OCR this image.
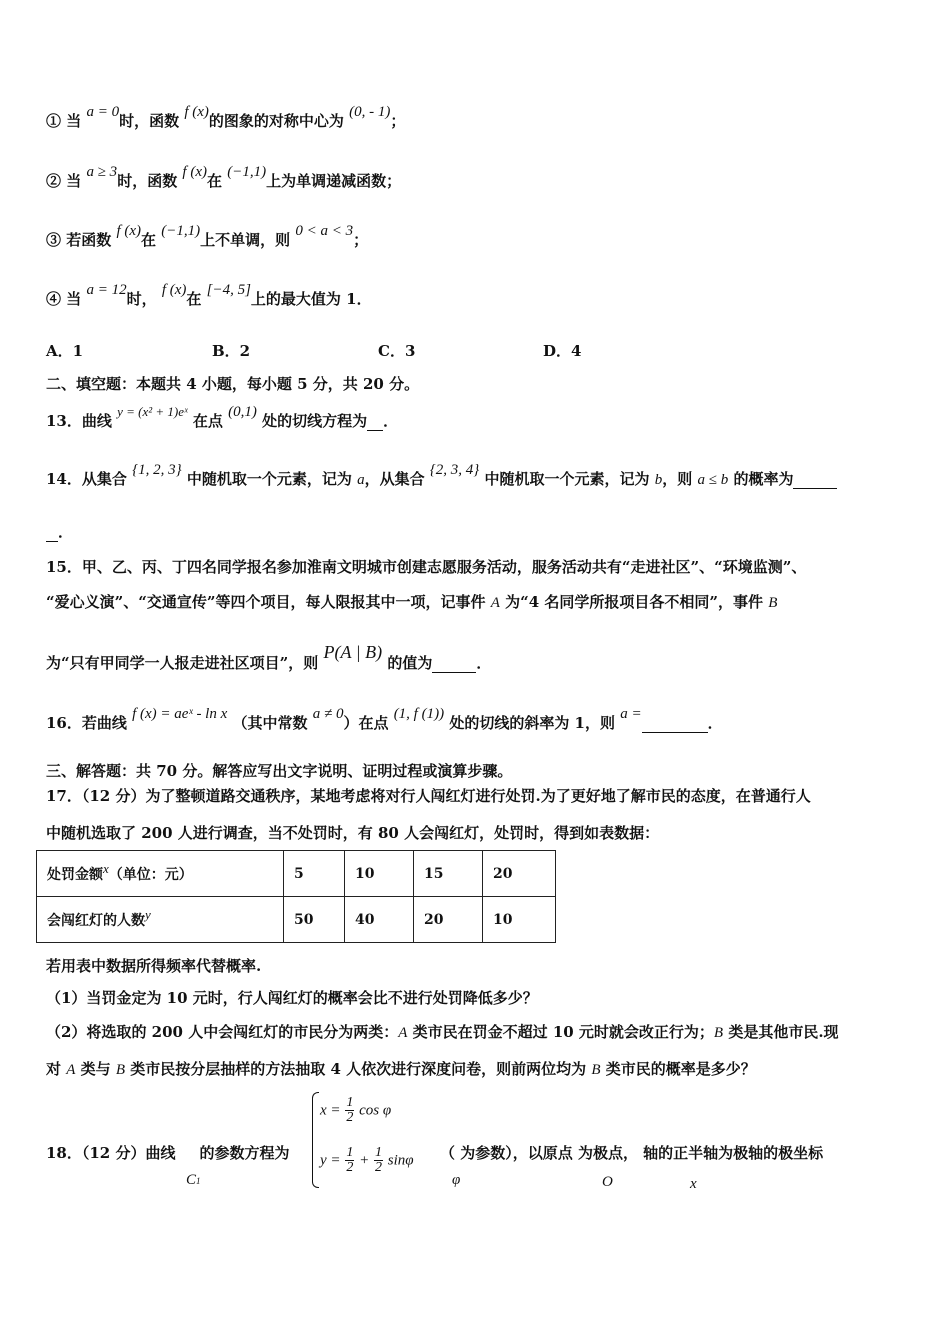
① 当 a = 0时，函数 f (x)的图象的对称中心为 (0, - 1)；
② 当 a ≥ 3时，函数 f (x)在 (−1,1)上为单调递减函数；
③ 若函数 f (x)在 (−1,1)上不单调，则 0 < a < 3；
④ 当 a = 12时， f (x)在 [−4, 5]上的最大值为 1．
A．1	B．2	C．3	D．4
二、填空题：本题共 4 小题，每小题 5 分，共 20 分。
13．曲线 y = (x² + 1)eˣ 在点 (0,1) 处的切线方程为 ．
14．从集合 {1, 2, 3} 中随机取一个元素，记为 a，从集合 {2, 3, 4} 中随机取一个元素，记为 b，则 a ≤ b 的概率为
．
15．甲、乙、丙、丁四名同学报名参加淮南文明城市创建志愿服务活动，服务活动共有“走进社区”、“环境监测”、
“爱心义演”、“交通宣传”等四个项目，每人限报其中一项，记事件 A 为“4 名同学所报项目各不相同”，事件 B
为“只有甲同学一人报走进社区项目”，则 P(A | B) 的值为	．
16．若曲线 f (x) = aeˣ - ln x （其中常数 a ≠ 0）在点 (1, f (1)) 处的切线的斜率为 1，则 a =	．
三、解答题：共 70 分。解答应写出文字说明、证明过程或演算步骤。
17．（12 分）为了整顿道路交通秩序，某地考虑将对行人闯红灯进行处罚.为了更好地了解市民的态度，在普通行人
中随机选取了 200 人进行调查，当不处罚时，有 80 人会闯红灯，处罚时，得到如表数据：
处罚金额x（单位：元）	5	10	15	20
会闯红灯的人数y	50	40	20	10
若用表中数据所得频率代替概率.
（1）当罚金定为 10 元时，行人闯红灯的概率会比不进行处罚降低多少？
（2）将选取的 200 人中会闯红灯的市民分为两类：A 类市民在罚金不超过 10 元时就会改正行为；B 类是其他市民.现
对 A 类与 B 类市民按分层抽样的方法抽取 4 人依次进行深度问卷，则前两位均为 B 类市民的概率是多少？
18．（12 分）曲线 的参数方程为
C1
$x = \frac{1}{2}$ cos φ
$y = \frac{1}{2} + \frac{1}{2}$ sinφ （ 为参数），以原点 为极点， 轴的正半轴为极轴的极坐标
φ	O	x
